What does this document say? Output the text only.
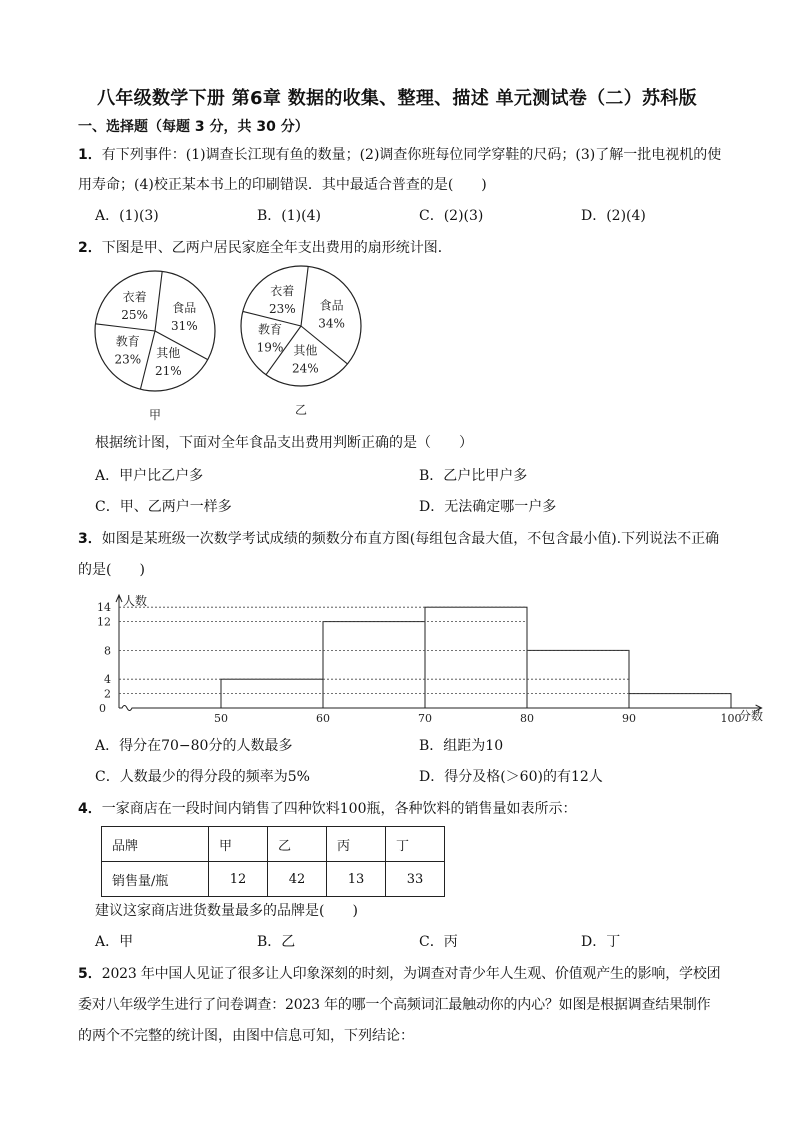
八年级数学下册 第6章 数据的收集、整理、描述 单元测试卷（二）苏科版
一、选择题（每题 3 分，共 30 分）
1．有下列事件：(1)调查长江现有鱼的数量；(2)调查你班每位同学穿鞋的尺码；(3)了解一批电视机的使
用寿命；(4)校正某本书上的印刷错误．其中最适合普查的是(　　)
A．(1)(3)	B．(1)(4)	C．(2)(3)	D．(2)(4)
2．下图是甲、乙两户居民家庭全年支出费用的扇形统计图．
食品
31%
其他
21%
教育
23%
衣着
25%
甲
食品
34%
其他
24%
教育
19%
衣着
23%
乙
根据统计图，下面对全年食品支出费用判断正确的是（　　）
A．甲户比乙户多	B．乙户比甲户多
C．甲、乙两户一样多	D．无法确定哪一户多
3．如图是某班级一次数学考试成绩的频数分布直方图(每组包含最大值，不包含最小值).下列说法不正确
的是(　　)
人数
分数
0
2
4
8
12
14
50	60	70	80	90	100
A．得分在70−80分的人数最多	B．组距为10
C．人数最少的得分段的频率为5%	D．得分及格(＞60)的有12人
4．一家商店在一段时间内销售了四种饮料100瓶，各种饮料的销售量如表所示：
品牌	甲	乙	丙	丁
销售量/瓶	12	42	13	33
建议这家商店进货数量最多的品牌是(　　)
A．甲	B．乙	C．丙	D．丁
5．2023 年中国人见证了很多让人印象深刻的时刻，为调查对青少年人生观、价值观产生的影响，学校团
委对八年级学生进行了问卷调查：2023 年的哪一个高频词汇最触动你的内心？如图是根据调查结果制作
的两个不完整的统计图，由图中信息可知，下列结论：
